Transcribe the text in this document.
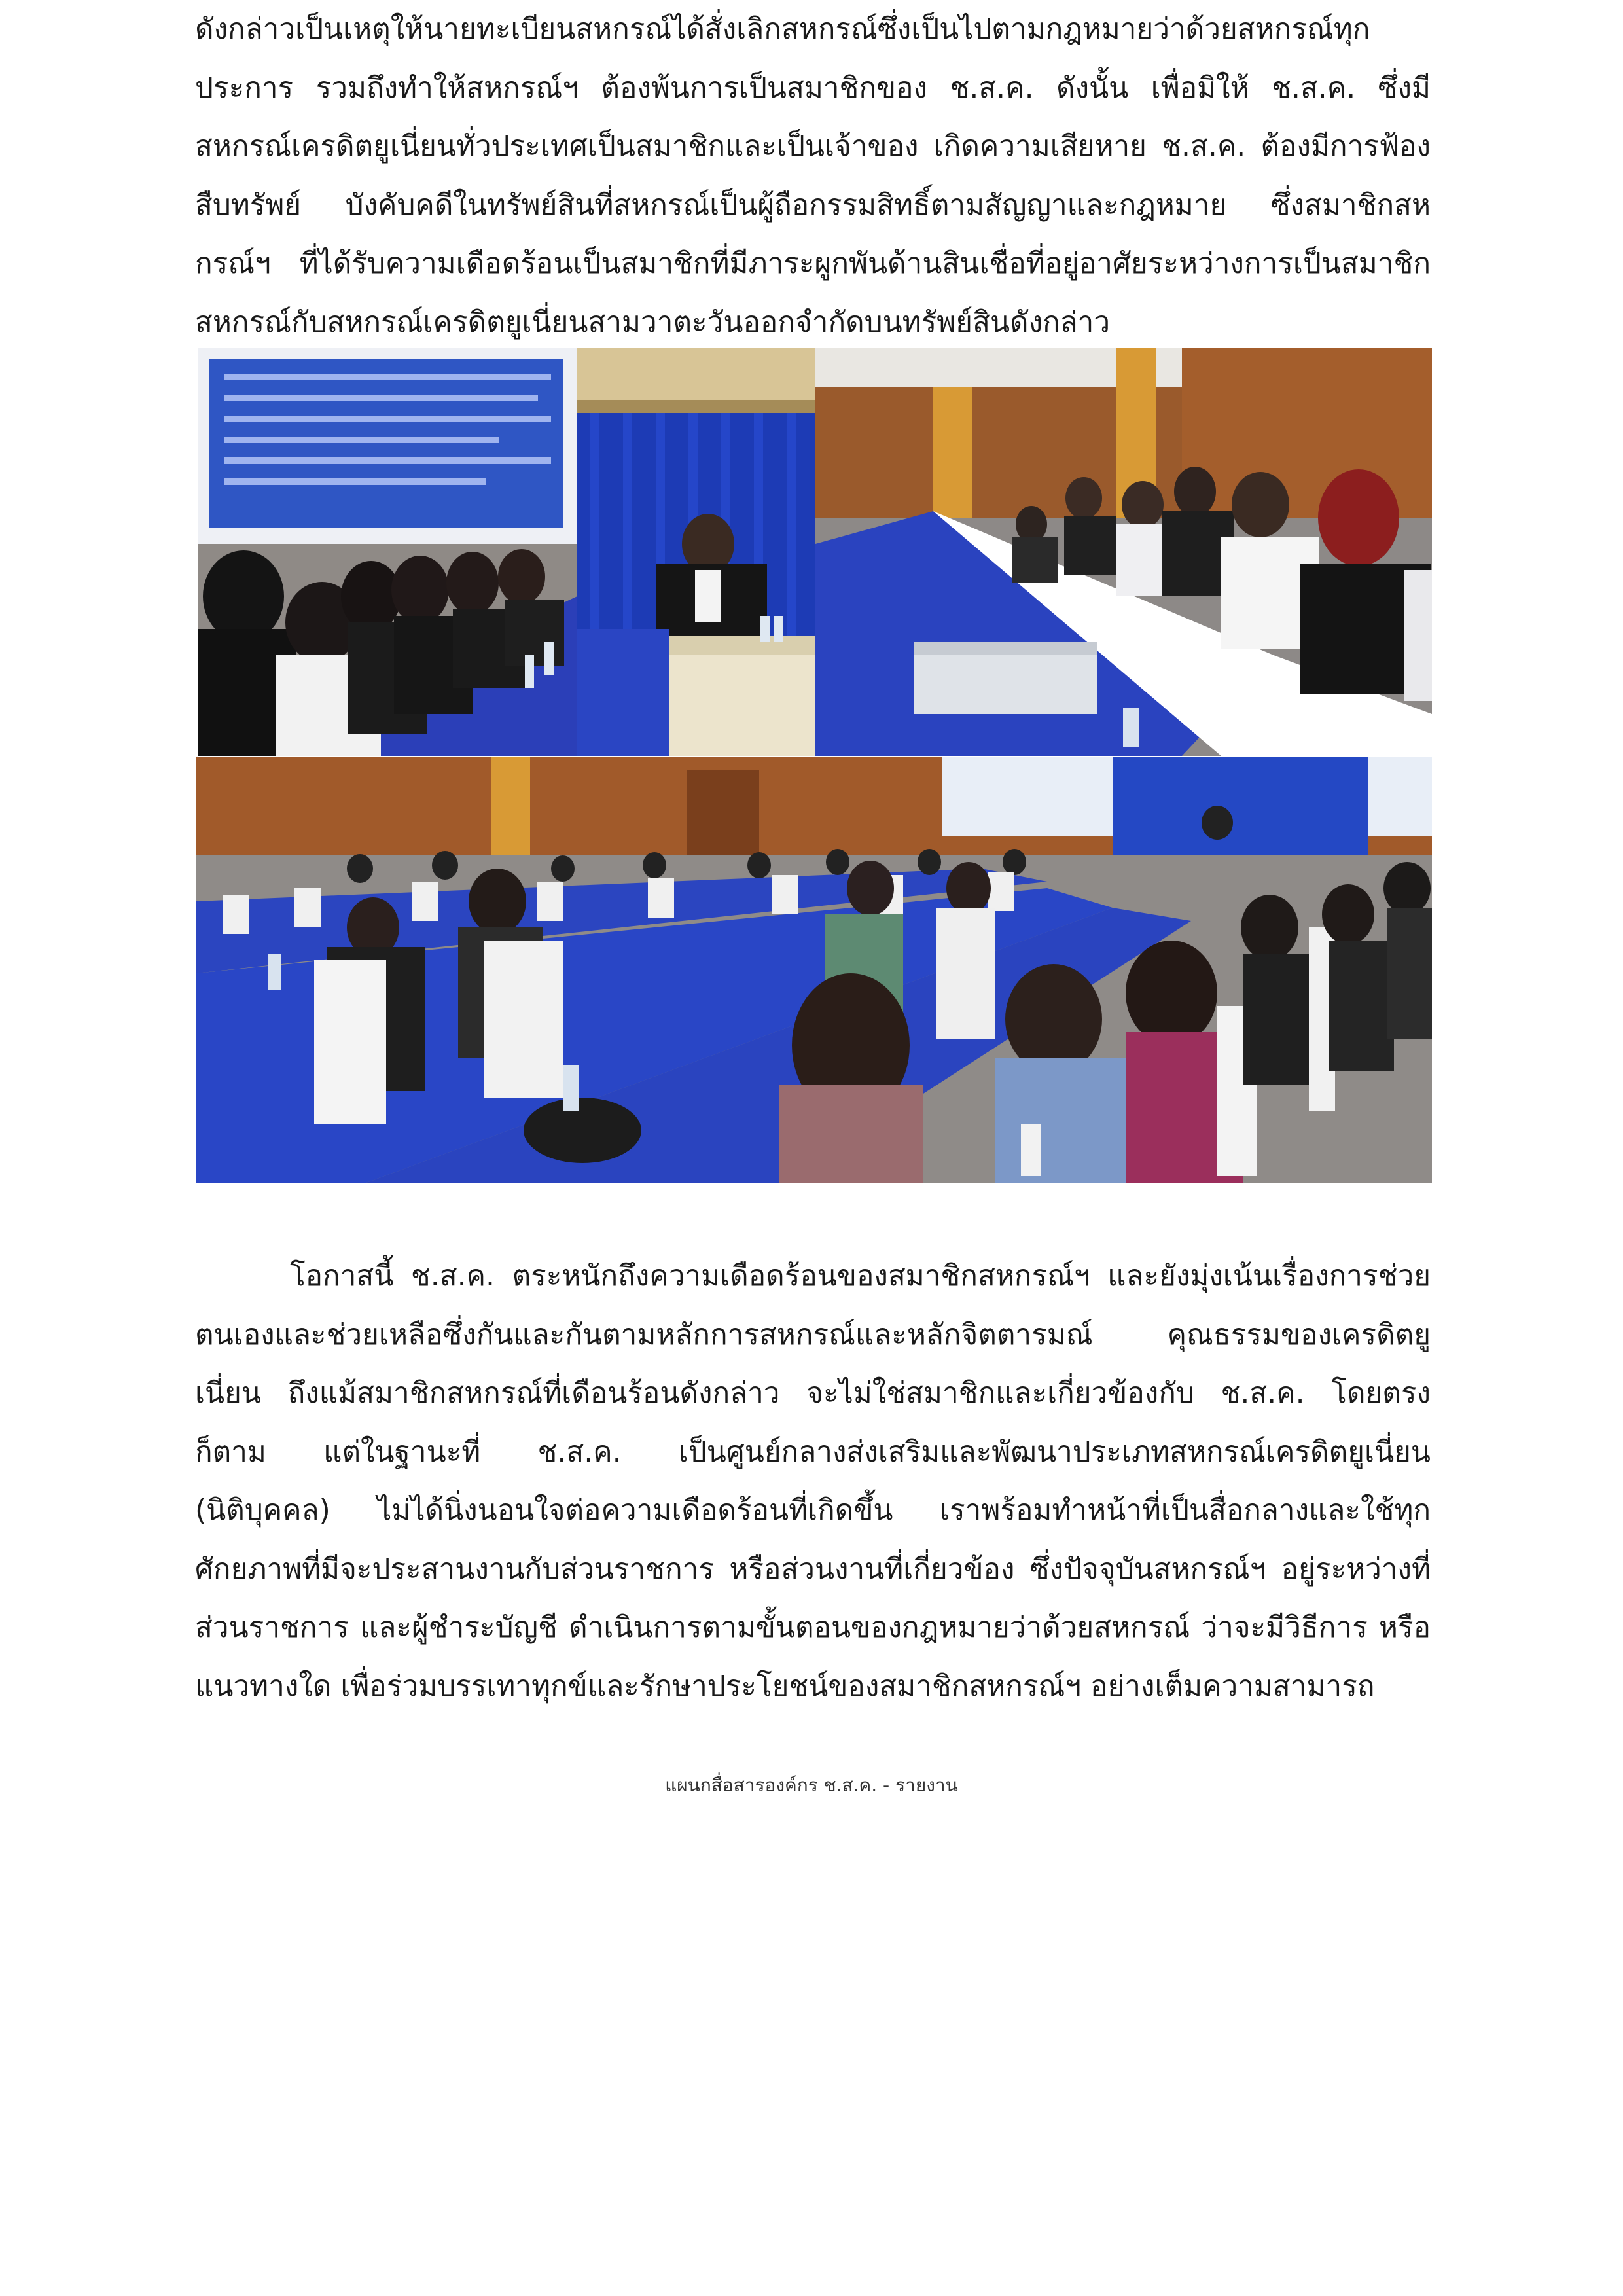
ดังกล่าวเป็นเหตุให้นายทะเบียนสหกรณ์ได้สั่งเลิกสหกรณ์ซึ่งเป็นไปตามกฎหมายว่าด้วยสหกรณ์ทุกประการ รวมถึงทำให้สหกรณ์ฯ ต้องพ้นการเป็นสมาชิกของ ช.ส.ค. ดังนั้น เพื่อมิให้ ช.ส.ค. ซึ่งมีสหกรณ์เครดิตยูเนี่ยนทั่วประเทศเป็นสมาชิกและเป็นเจ้าของ เกิดความเสียหาย ช.ส.ค. ต้องมีการฟ้อง สืบทรัพย์ บังคับคดีในทรัพย์สินที่สหกรณ์เป็นผู้ถือกรรมสิทธิ์ตามสัญญาและกฎหมาย ซึ่งสมาชิกสหกรณ์ฯ ที่ได้รับความเดือดร้อนเป็นสมาชิกที่มีภาระผูกพันด้านสินเชื่อที่อยู่อาศัยระหว่างการเป็นสมาชิกสหกรณ์กับสหกรณ์เครดิตยูเนี่ยนสามวาตะวันออกจำกัดบนทรัพย์สินดังกล่าว

โอกาสนี้ ช.ส.ค. ตระหนักถึงความเดือดร้อนของสมาชิกสหกรณ์ฯ และยังมุ่งเน้นเรื่องการช่วยตนเองและช่วยเหลือซึ่งกันและกันตามหลักการสหกรณ์และหลักจิตตารมณ์ คุณธรรมของเครดิตยูเนี่ยน ถึงแม้สมาชิกสหกรณ์ที่เดือนร้อนดังกล่าว จะไม่ใช่สมาชิกและเกี่ยวข้องกับ ช.ส.ค. โดยตรงก็ตาม แต่ในฐานะที่ ช.ส.ค. เป็นศูนย์กลางส่งเสริมและพัฒนาประเภทสหกรณ์เครดิตยูเนี่ยน (นิติบุคคล) ไม่ได้นิ่งนอนใจต่อความเดือดร้อนที่เกิดขึ้น เราพร้อมทำหน้าที่เป็นสื่อกลางและใช้ทุกศักยภาพที่มีจะประสานงานกับส่วนราชการ หรือส่วนงานที่เกี่ยวข้อง ซึ่งปัจจุบันสหกรณ์ฯ อยู่ระหว่างที่ส่วนราชการ และผู้ชำระบัญชี ดำเนินการตามขั้นตอนของกฎหมายว่าด้วยสหกรณ์ ว่าจะมีวิธีการ หรือแนวทางใด เพื่อร่วมบรรเทาทุกข์และรักษาประโยชน์ของสมาชิกสหกรณ์ฯ อย่างเต็มความสามารถ

แผนกสื่อสารองค์กร ช.ส.ค. - รายงาน
